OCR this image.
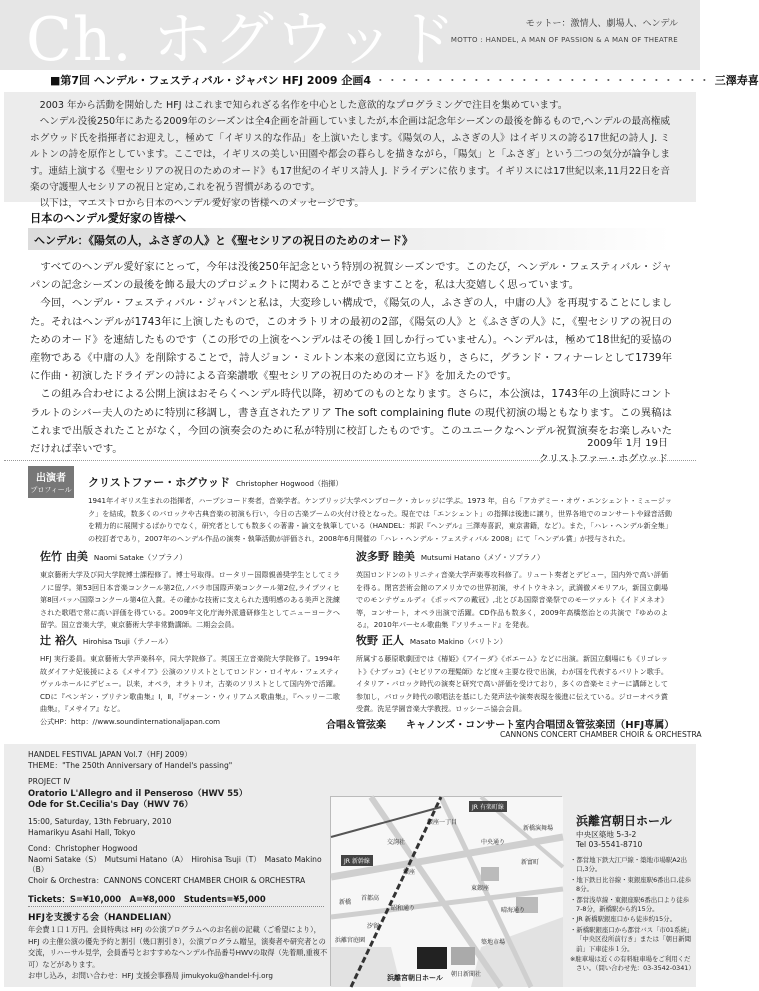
Ch. ホグウッド	モットー：激情人、劇場人、ヘンデル
MOTTO : HANDEL, A MAN OF PASSION & A MAN OF THEATRE
■第7回 ヘンデル・フェスティバル・ジャパン HFJ 2009 企画4 ・・・・・・・・・・・・・・・・・・・・・・・・・・・・ 三澤寿喜

2003 年から活動を開始した HFJ はこれまで知られざる名作を中心とした意欲的なプログラミングで注目を集めています。

ヘンデル没後250年にあたる2009年のシーズンは全4企画を計画していましたが,本企画は記念年シーズンの最後を飾るもので,ヘンデルの最高権威ホグウッド氏を指揮者にお迎えし，極めて「イギリス的な作品」を上演いたします。《陽気の人，ふさぎの人》はイギリスの誇る17世紀の詩人 J. ミルトンの詩を原作としています。ここでは，イギリスの美しい田園や都会の暮らしを描きながら，「陽気」と「ふさぎ」という二つの気分が論争します。連結上演する《聖セシリアの祝日のためのオード》も17世紀のイギリス詩人 J. ドライデンに依ります。イギリスには17世紀以来,11月22日を音楽の守護聖人セシリアの祝日と定め,これを祝う習慣があるのです。

以下は，マエストロから日本のヘンデル愛好家の皆様へのメッセージです。

日本のヘンデル愛好家の皆様へ
ヘンデル：《陽気の人，ふさぎの人》と《聖セシリアの祝日のためのオード》

すべてのヘンデル愛好家にとって，今年は没後250年記念という特別の祝賀シーズンです。このたび，ヘンデル・フェスティバル・ジャパンの記念シーズンの最後を飾る最大のプロジェクトに関わることができますことを，私は大変嬉しく思っています。

今回，ヘンデル・フェスティバル・ジャパンと私は，大変珍しい構成で，《陽気の人，ふさぎの人，中庸の人》を再現することにしました。それはヘンデルが1743年に上演したもので，このオラトリオの最初の2部，《陽気の人》と《ふさぎの人》に，《聖セシリアの祝日のためのオード》を連結したものです（この形での上演をヘンデルはその後１回しか行っていません）。ヘンデルは，極めて18世紀的妥協の産物である《中庸の人》を削除することで，詩人ジョン・ミルトン本来の意図に立ち返り，さらに，グランド・フィナーレとして1739年に作曲・初演したドライデンの詩による音楽讃歌《聖セシリアの祝日のためのオード》を加えたのです。

この組み合わせによる公開上演はおそらくヘンデル時代以降，初めてのものとなります。さらに，本公演は，1743年の上演時にコントラルトのシバー夫人のために特別に移調し，書き直されたアリア The soft complaining flute の現代初演の場ともなります。この異稿はこれまで出版されたことがなく，今回の演奏会のために私が特別に校訂したものです。このユニークなヘンデル祝賀演奏をお楽しみいただければ幸いです。	2009年 1月 19日
クリストファー・ホグウッド
出演者
プロフィール
クリストファー・ホグウッド Christopher Hogwood（指揮）
1941年イギリス生まれの指揮者，ハープシコード奏者，音楽学者。ケンブリッジ大学ペンブローク・カレッジに学ぶ。1973 年，自ら「アカデミー・オヴ・エンシェント・ミュージック」を結成，数多くのバロックや古典音楽の初演も行い，今日の古楽ブームの火付け役となった。現在では「エンシェント」の指揮は後進に譲り，世界各地でのコンサートや録音活動を精力的に展開するばかりでなく，研究者としても数多くの著書・論文を執筆している（HANDEL：邦訳『ヘンデル』三澤寿喜訳，東京書籍，など）。また，「ハレ・ヘンデル新全集」の校訂者であり，2007年のヘンデル作品の演奏・執筆活動が評価され，2008年6月開催の「ハレ・ヘンデル・フェスティバル 2008」にて「ヘンデル賞」が授与された。
佐竹 由美 Naomi Satake（ソプラノ）
東京藝術大学及び同大学院博士課程修了。博士号取得。ロータリー国際親善奨学生としてミラノに留学。第53回日本音楽コンクール第2位,ノバラ市国際声楽コンクール第2位,ライプツィヒ第8回バッハ国際コンクール第4位入賞。その確かな技術に支えられた透明感のある美声と洗練された歌唱で常に高い評価を得ている。2009年文化庁海外派遣研修生としてニューヨークへ留学。国立音楽大学，東京藝術大学非常勤講師。二期会会員。
波多野 睦美 Mutsumi Hatano（メゾ・ソプラノ）
英国ロンドンのトリニティ音楽大学声楽専攻科修了。リュート奏者とデビュー，国内外で高い評価を得る。閉宮芸術会館のアメリカでの世界初演，サイトウキネン，武満徹メモリアル，新国立劇場でのモンテヴェルディ《ポッペアの戴冠》,北とぴあ国際音楽祭でのモーツァルト《イドメネオ》等，コンサート，オペラ出演で活躍。CD作品も数多く，2009年高橋悠治との共演で『ゆめのよる』，2010年パーセル歌曲集『ソリチュード』を発表。
辻 裕久 Hirohisa Tsuji（テノール）
HFJ 実行委員。東京藝術大学声楽科卒，同大学院修了。英国王立音楽院大学院修了。1994年故ダイアナ妃後援による《メサイア》公演のソリストとしてロンドン・ロイヤル・フェスティヴァルホールにデビュー。以来，オペラ，オラトリオ，古楽のソリストとして国内外で活躍。CDに『ペンギン・ブリテン歌曲集』Ⅰ，Ⅱ，『ヴォーン・ウィリアムス歌曲集』，『ヘッリー二歌曲集』，『メサイア』など。
公式HP：http：//www.soundinternationaljapan.com
牧野 正人 Masato Makino（バリトン）
所属する藤原歌劇団では《椿姫》《アイーダ》《ボエーム》などに出演。新国立劇場にも《リゴレット》《ナブッコ》《セビリアの理髪師》など度々主要な役で出演，わが国を代表するバリトン歌手。イタリア・バロック時代の演奏と研究で高い評価を受けており，多くの音楽セミナーに講師として参加し，バロック時代の歌唱法を基にした発声法や演奏表現を後進に伝えている。ジローオペラ賞受賞。洗足学園音楽大学教授。ロッシーニ協会会員。
合唱＆管弦楽　　キャノンズ・コンサート室内合唱団＆管弦楽団（HFJ専属）
CANNONS CONCERT CHAMBER CHOIR & ORCHESTRA
HANDEL FESTIVAL JAPAN Vol.7（HFJ 2009）
THEME："The 250th Anniversary of Handel's passing"
PROJECT Ⅳ
Oratorio L'Allegro and il Penseroso（HWV 55）
Ode for St.Cecilia's Day（HWV 76）
15:00, Saturday, 13th February, 2010
Hamarikyu Asahi Hall, Tokyo
Cond：Christopher Hogwood
Naomi Satake（S）　Mutsumi Hatano（A）　Hirohisa Tsuji（T）　Masato Makino（B）
Choir & Orchestra：CANNONS CONCERT CHAMBER CHOIR & ORCHESTRA
Tickets：S=¥10,000　A=¥8,000　Students=¥5,000
HFJを支援する会（HANDELIAN）
年会費１口１万円。会員特典は HFJ の公演プログラムへのお名前の記載（ご希望により），HFJ の主催公演の優先予約と割引（幾口割引き），公演プログラム贈呈，演奏者や研究者との交流，リハーサル見学，会員番号とおすすめなヘンデル作品番号HWVの取得（先着順,重複不可）などがあります。
お申し込み，お問い合わせ：HFJ 支援会事務局 jimukyoku@handel-f-j.org
JR 有楽町線
JR 新幹線
中央通り
東銀座
銀座一丁目
新富町
晴海通り
昭和通り
銀座
築地市場
朝日新聞社
浜離宮庭園
浜離宮朝日ホール
首都高
新橋
汐留
交詢社
新橋演舞場
浜離宮朝日ホール
中央区築地 5-3-2
Tel 03-5541-8710
・都営地下鉄大江戸線・築地市場駅A2出口,3分。
・地下鉄日比谷線・東銀座駅6番出口,徒歩8分。
・都営浅草線・東銀座駅6番出口より徒歩7-8分，新橋駅から約15分。
・JR 新橋駅銀座口から徒歩約15分。
・新橋駅銀座口から都営バス「市01系統」「中央区役所前行き」または「朝日新聞前」下車徒歩１分。
※駐車場は近くの有料駐車場をご利用ください。（問い合わせ先：03-3542-0341）
